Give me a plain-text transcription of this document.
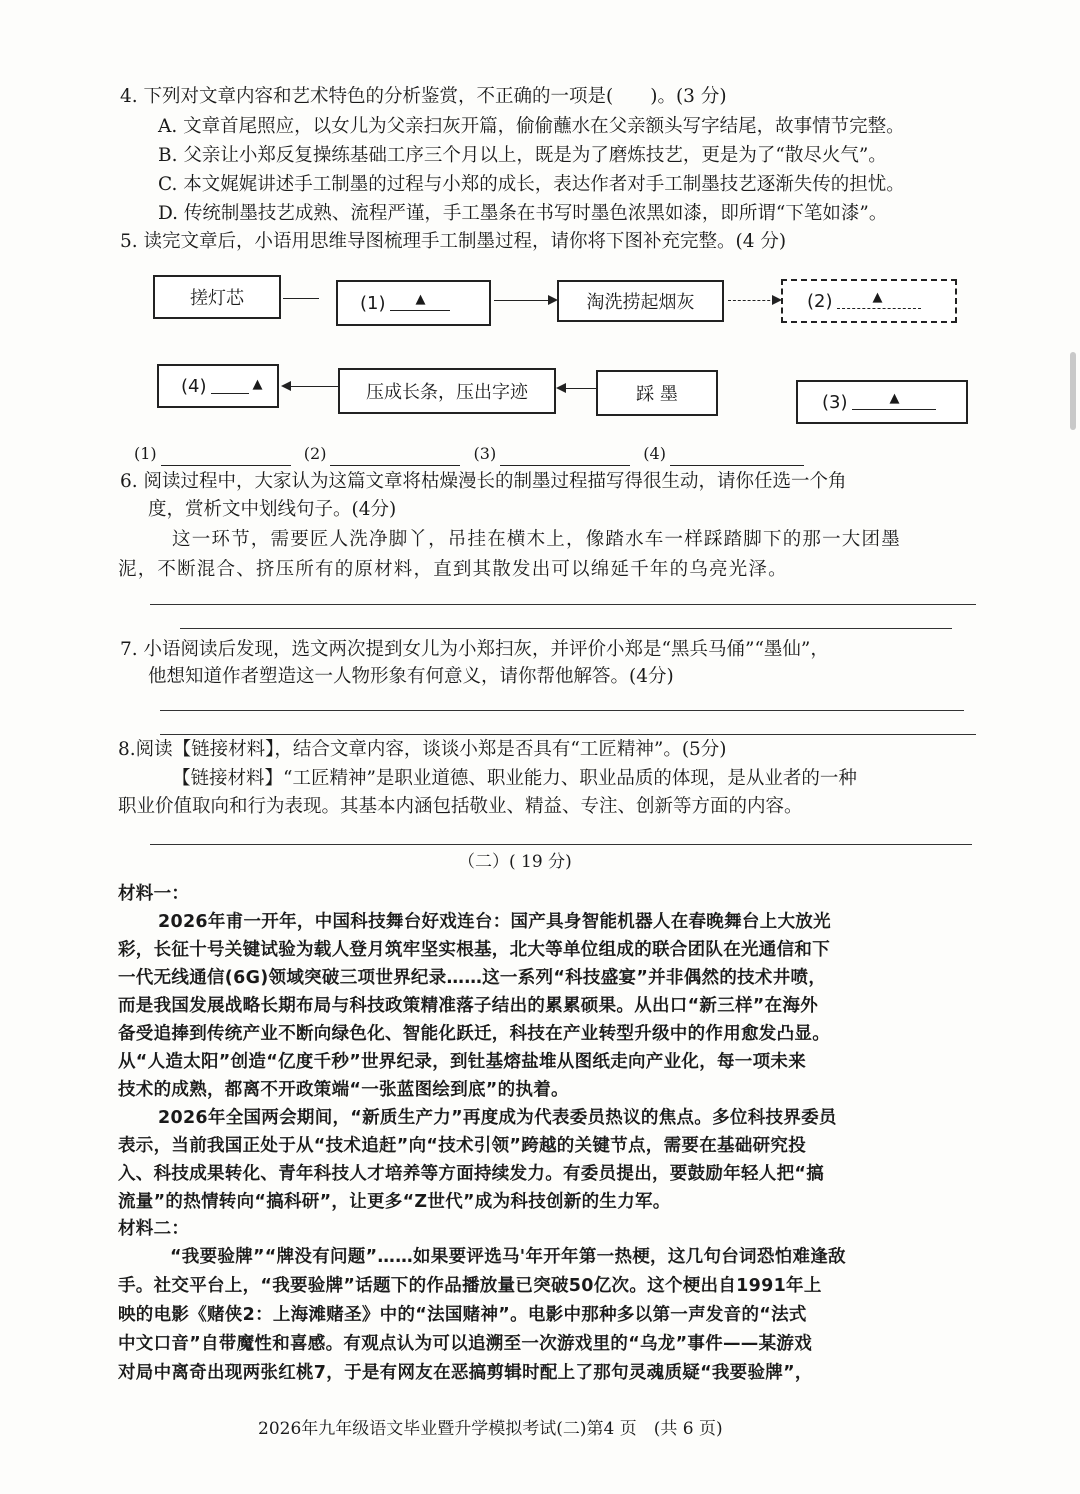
4. 下列对文章内容和艺术特色的分析鉴赏，不正确的一项是(　　)。(3 分)
A. 文章首尾照应，以女儿为父亲扫灰开篇，偷偷蘸水在父亲额头写字结尾，故事情节完整。
B. 父亲让小郑反复操练基础工序三个月以上，既是为了磨炼技艺，更是为了“散尽火气”。
C. 本文娓娓讲述手工制墨的过程与小郑的成长，表达作者对手工制墨技艺逐渐失传的担忧。
D. 传统制墨技艺成熟、流程严谨，手工墨条在书写时墨色浓黑如漆，即所谓“下笔如漆”。
5. 读完文章后，小语用思维导图梳理手工制墨过程，请你将下图补充完整。(4 分)
搓灯芯	(1) ▲	淘洗捞起烟灰	(2)	▲
(4)	▲	压成长条，压出字迹	踩 墨	(3)	▲
(1)	(2)	(3)	(4)
6. 阅读过程中，大家认为这篇文章将枯燥漫长的制墨过程描写得很生动，请你任选一个角
度，赏析文中划线句子。(4分)
这一环节，需要匠人洗净脚丫，吊挂在横木上，像踏水车一样踩踏脚下的那一大团墨
泥，不断混合、挤压所有的原材料，直到其散发出可以绵延千年的乌亮光泽。
7. 小语阅读后发现，选文两次提到女儿为小郑扫灰，并评价小郑是“黑兵马俑”“墨仙”，
他想知道作者塑造这一人物形象有何意义，请你帮他解答。(4分)
8.阅读【链接材料】，结合文章内容，谈谈小郑是否具有“工匠精神”。(5分)
【链接材料】“工匠精神”是职业道德、职业能力、职业品质的体现，是从业者的一种
职业价值取向和行为表现。其基本内涵包括敬业、精益、专注、创新等方面的内容。
（二）( 19 分)
材料一：
2026年甫一开年，中国科技舞台好戏连台：国产具身智能机器人在春晚舞台上大放光
彩，长征十号关键试验为载人登月筑牢坚实根基，北大等单位组成的联合团队在光通信和下
一代无线通信(6G)领域突破三项世界纪录……这一系列“科技盛宴”并非偶然的技术井喷，
而是我国发展战略长期布局与科技政策精准落子结出的累累硕果。从出口“新三样”在海外
备受追捧到传统产业不断向绿色化、智能化跃迁，科技在产业转型升级中的作用愈发凸显。
从“人造太阳”创造“亿度千秒”世界纪录，到钍基熔盐堆从图纸走向产业化，每一项未来
技术的成熟，都离不开政策端“一张蓝图绘到底”的执着。
2026年全国两会期间，“新质生产力”再度成为代表委员热议的焦点。多位科技界委员
表示，当前我国正处于从“技术追赶”向“技术引领”跨越的关键节点，需要在基础研究投
入、科技成果转化、青年科技人才培养等方面持续发力。有委员提出，要鼓励年轻人把“搞
流量”的热情转向“搞科研”，让更多“Z世代”成为科技创新的生力军。
材料二：
“我要验牌”“牌没有问题”……如果要评选马'年开年第一热梗，这几句台词恐怕难逢敌
手。社交平台上，“我要验牌”话题下的作品播放量已突破50亿次。这个梗出自1991年上
映的电影《赌侠2：上海滩赌圣》中的“法国赌神”。电影中那种多以第一声发音的“法式
中文口音”自带魔性和喜感。有观点认为可以追溯至一次游戏里的“乌龙”事件——某游戏
对局中离奇出现两张红桃7，于是有网友在恶搞剪辑时配上了那句灵魂质疑“我要验牌”，
2026年九年级语文毕业暨升学模拟考试(二)第4 页　(共 6 页)
